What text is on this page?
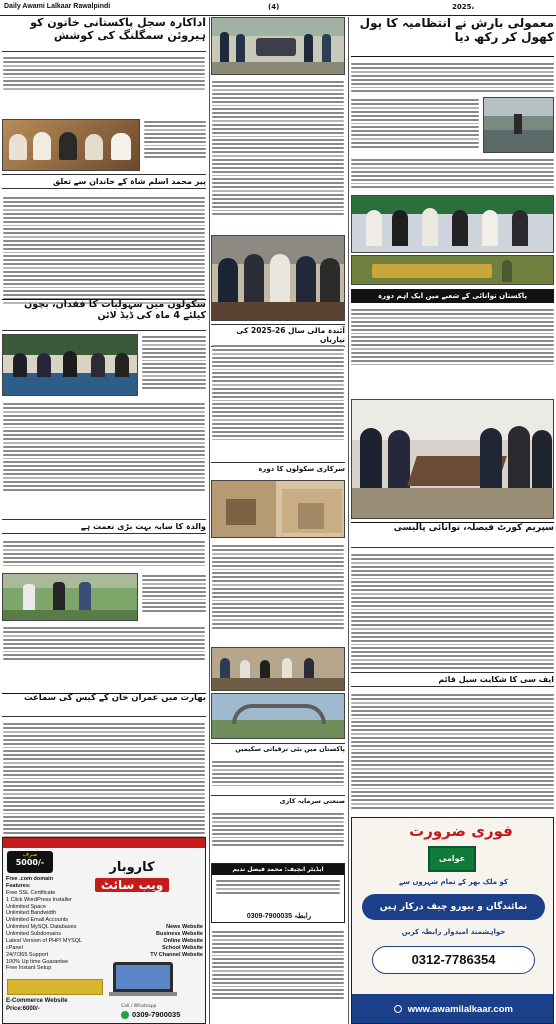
Daily Awami Lalkaar Rawalpindi	(4)	2025،
اداکارہ سجل پاکستانی خاتون کو ہیروئن سمگلنگ کی کوشش
پیر محمد اسلم شاہ کے خاندان سے تعلق
سکولوں میں سہولیات کا فقدان، بچوں کیلئے 4 ماہ کی ڈیڈ لائن
والدہ کا سایہ بہت بڑی نعمت ہے
بھارت میں عمران خان کے کیس کی سماعت
صرف
5000/-	کاروبار
ویب سائٹ
Free .com domain
Features:
Free SSL Certificate
1 Click WordPress Installer
Unlimited Space
Unlimited Bandwidth
Unlimited Email Accounts
Unlimited MySQL Databases
Unlimited Subdomains
Latest Version of PHP/ MYSQL
cPanel
24/7/365 Support
100% Up time Guarantee
Free Instant Setup
News Website
Business Website
Online Website
School Website
TV Channel Website
E-Commerce Website
Price:6000/-	Call / Whatsapp
0309-7900035
آئندہ مالی سال 26-2025 کی تیاریاں
سرکاری سکولوں کا دورہ
پاکستان میں نئی ترقیاتی سکیمیں
صنعتی سرمایہ کاری
ایڈیٹر انچیف: محمد فیصل ندیم
0309-7900035 رابطہ
معمولی بارش نے انتظامیہ کا پول کھول کر رکھ دیا
پاکستان توانائی کے شعبے میں ایک اہم دورہ
سپریم کورٹ فیصلہ، توانائی پالیسی
ایف سی کا شکایت سیل قائم
فوری ضرورت
عوامی
کو ملک بھر کے تمام شہروں سے
نمائندگان و بیورو چیف درکار ہیں
خواہشمند امیدوار رابطہ کریں
0312-7786354
www.awamilalkaar.com
